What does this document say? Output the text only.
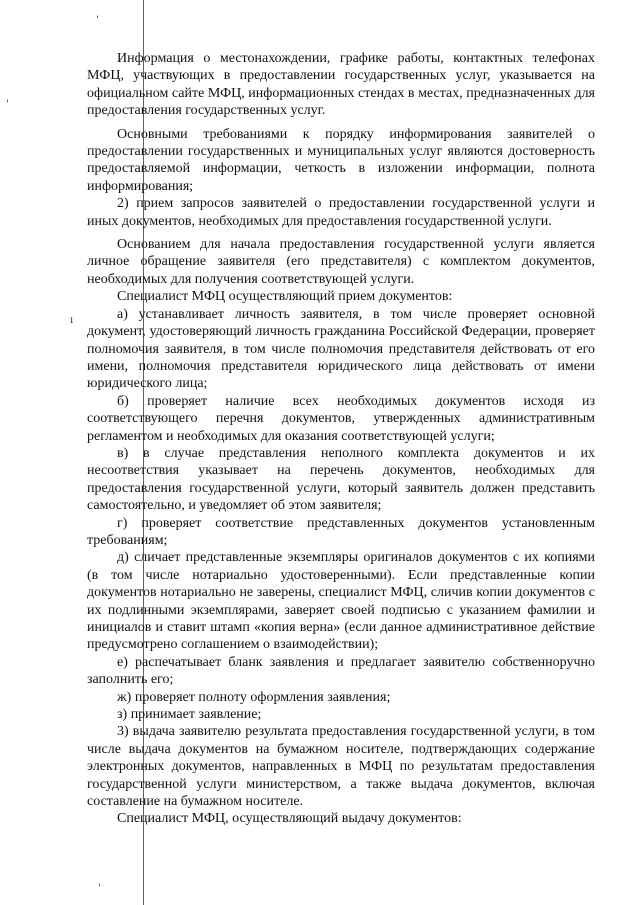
'
'
ı
'

Информация о местонахождении, графике работы, контактных телефонах МФЦ, участвующих в предоставлении государственных услуг, указывается на официальном сайте МФЦ, информационных стендах в местах, предназначенных для предоставления государственных услуг.

Основными требованиями к порядку информирования заявителей о предоставлении государственных и муниципальных услуг являются достоверность предоставляемой информации, четкость в изложении информации, полнота информирования;

2) прием запросов заявителей о предоставлении государственной услуги и иных документов, необходимых для предоставления государственной услуги.

Основанием для начала предоставления государственной услуги является личное обращение заявителя (его представителя) с комплектом документов, необходимых для получения соответствующей услуги.

Специалист МФЦ осуществляющий прием документов:

а) устанавливает личность заявителя, в том числе проверяет основной документ, удостоверяющий личность гражданина Российской Федерации, проверяет полномочия заявителя, в том числе полномочия представителя действовать от его имени, полномочия представителя юридического лица действовать от имени юридического лица;

б) проверяет наличие всех необходимых документов исходя из соответствующего перечня документов, утвержденных административным регламентом и необходимых для оказания соответствующей услуги;

в) в случае представления неполного комплекта документов и их несоответствия указывает на перечень документов, необходимых для предоставления государственной услуги, который заявитель должен представить самостоятельно, и уведомляет об этом заявителя;

г) проверяет соответствие представленных документов установленным требованиям;

д) сличает представленные экземпляры оригиналов документов с их копиями (в том числе нотариально удостоверенными). Если представленные копии документов нотариально не заверены, специалист МФЦ, сличив копии документов с их подлинными экземплярами, заверяет своей подписью с указанием фамилии и инициалов и ставит штамп «копия верна» (если данное административное действие предусмотрено соглашением о взаимодействии);

е) распечатывает бланк заявления и предлагает заявителю собственноручно заполнить его;

ж) проверяет полноту оформления заявления;

з) принимает заявление;

3) выдача заявителю результата предоставления государственной услуги, в том числе выдача документов на бумажном носителе, подтверждающих содержание электронных документов, направленных в МФЦ по результатам предоставления государственной услуги министерством, а также выдача документов, включая составление на бумажном носителе.

Специалист МФЦ, осуществляющий выдачу документов:
